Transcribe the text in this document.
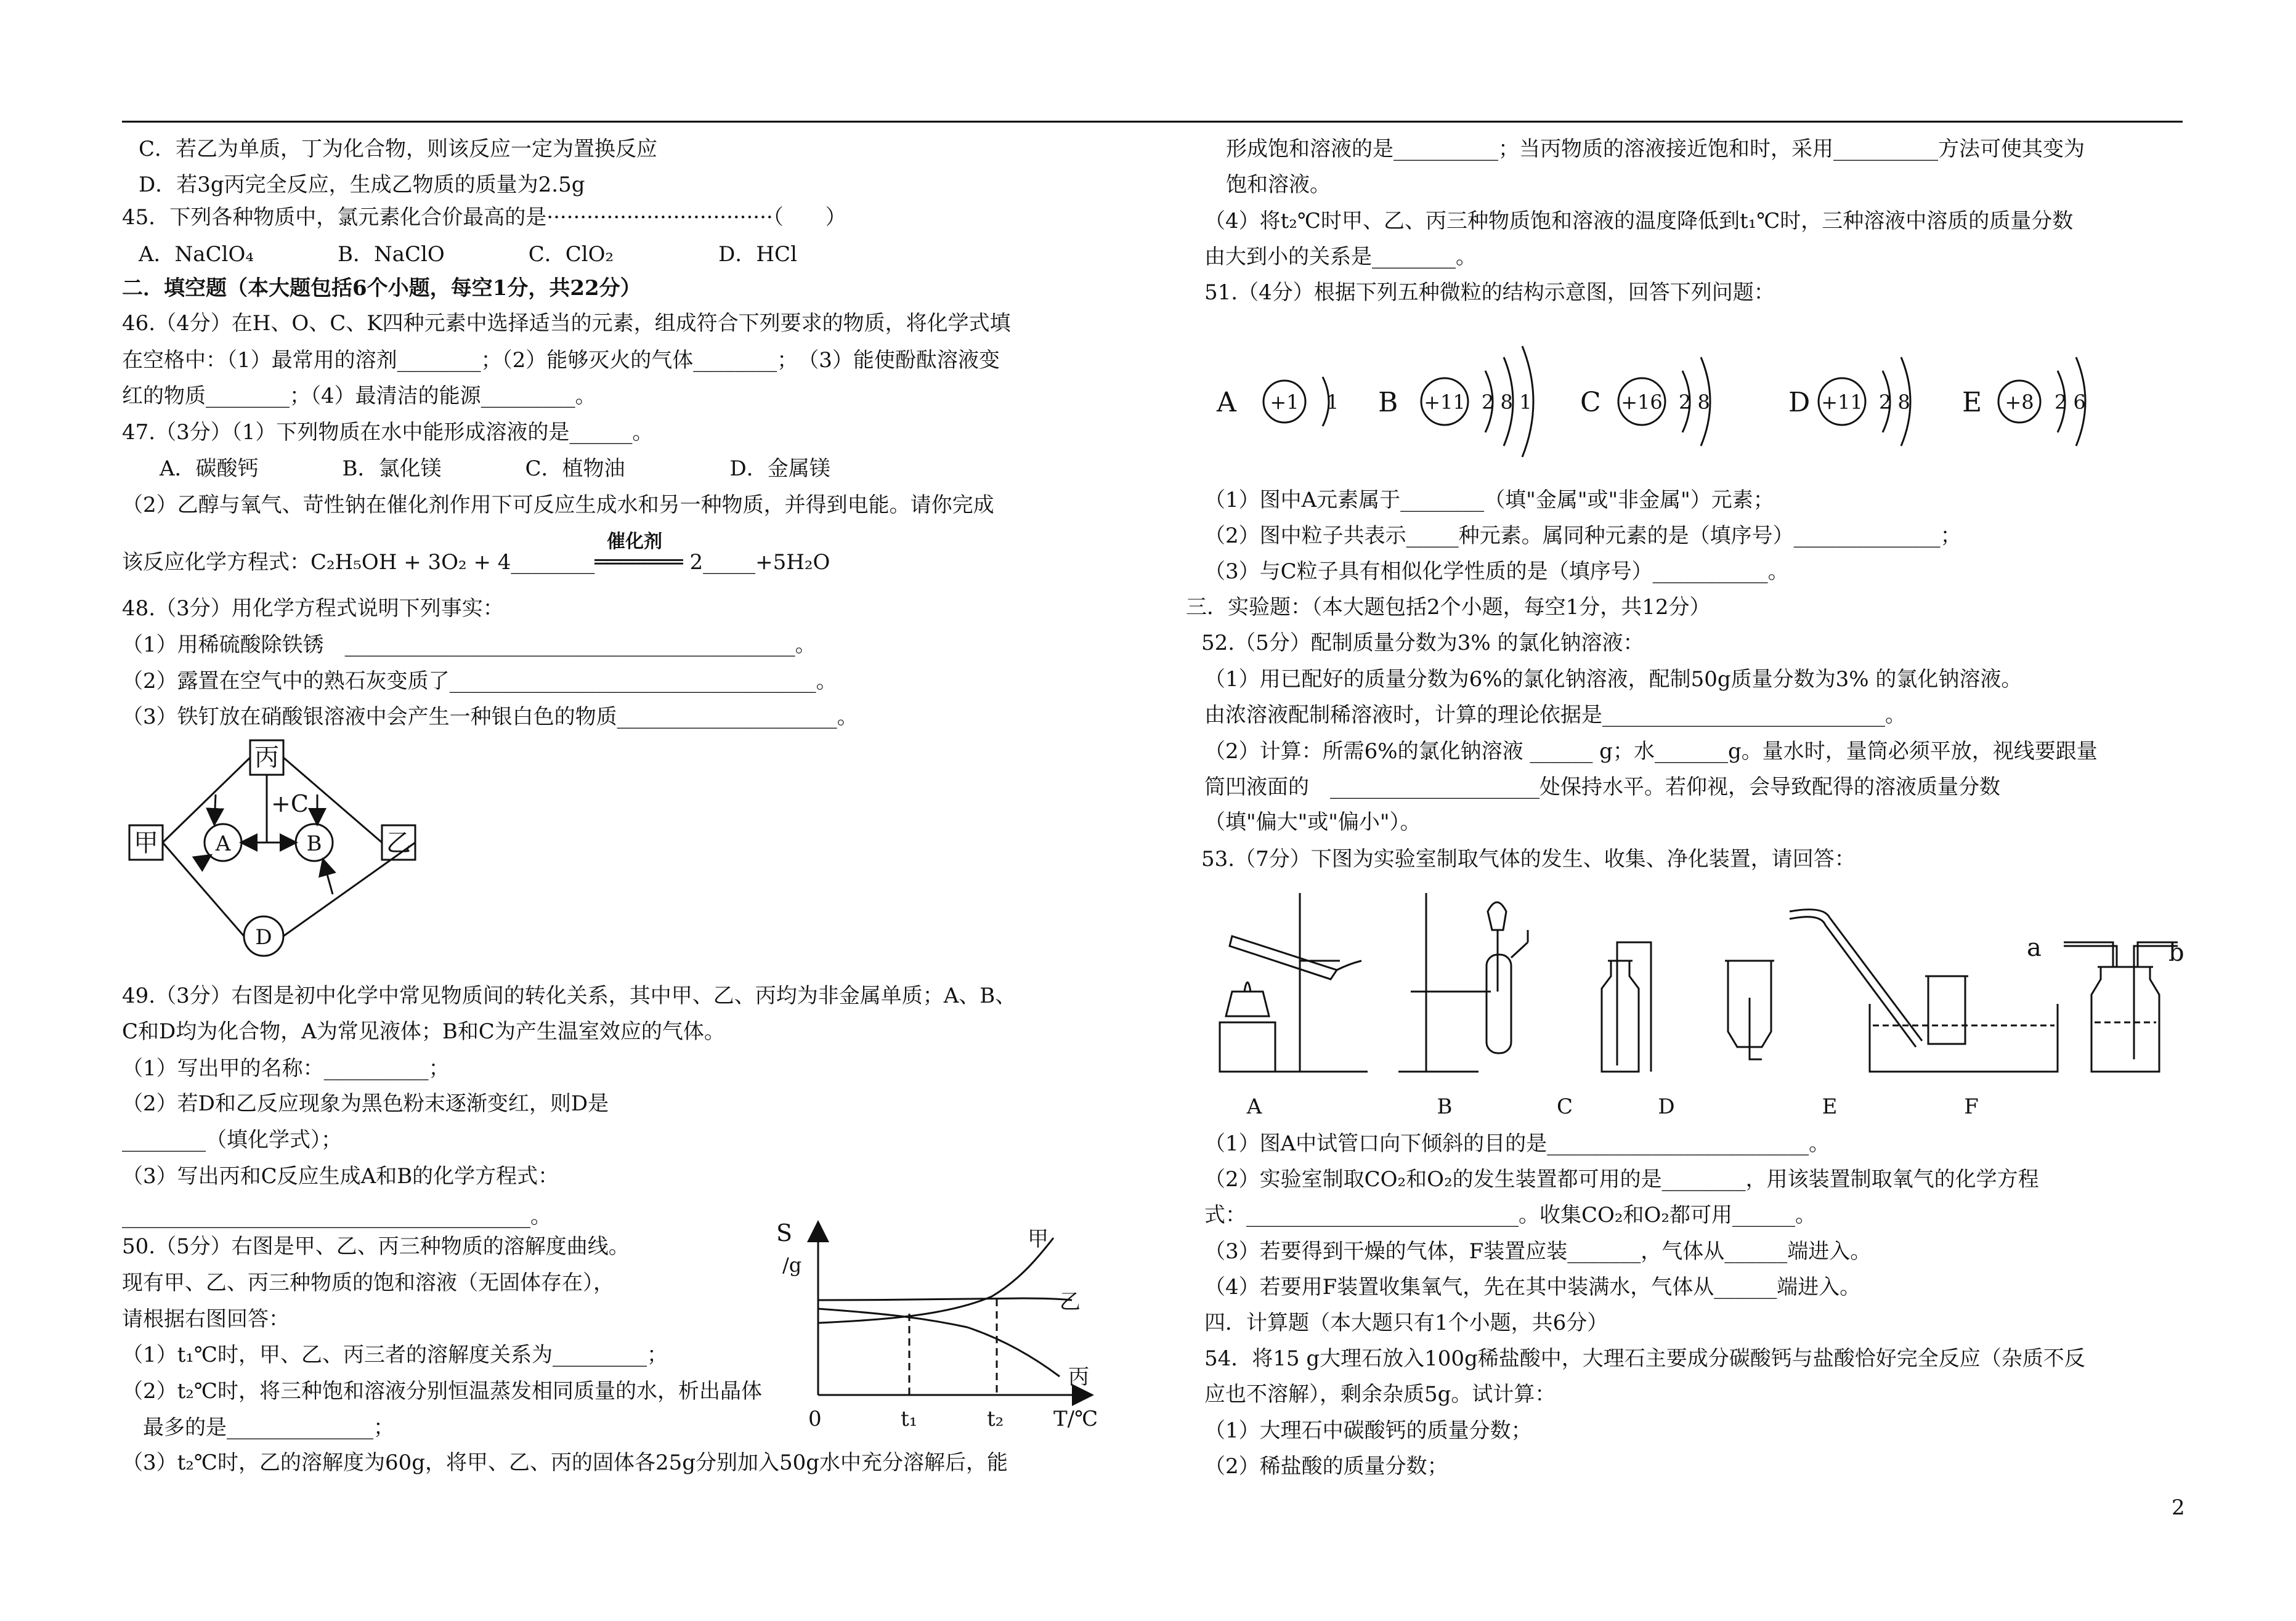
C．若乙为单质，丁为化合物，则该反应一定为置换反应
D．若3g丙完全反应，生成乙物质的质量为2.5g
45．下列各种物质中，氯元素化合价最高的是··································（　　）
A．NaClO₄　　　　B．NaClO　　　　C．ClO₂　　　　　D．HCl
二．填空题（本大题包括6个小题，每空1分，共22分）
46.（4分）在H、O、C、K四种元素中选择适当的元素，组成符合下列要求的物质，将化学式填
在空格中：（1）最常用的溶剂________；（2）能够灭火的气体________；　（3）能使酚酞溶液变
红的物质________；（4）最清洁的能源_________。
47.（3分）（1）下列物质在水中能形成溶液的是______。
　A．碳酸钙　　　　B．氯化镁　　　　C．植物油　　　　　D．金属镁
（2）乙醇与氧气、苛性钠在催化剂作用下可反应生成水和另一种物质，并得到电能。请你完成
催化剂
该反应化学方程式：C₂H₅OH + 3O₂ + 4________═══════ 2_____+5H₂O
48.（3分）用化学方程式说明下列事实：
（1）用稀硫酸除铁锈　___________________________________________。
（2）露置在空气中的熟石灰变质了___________________________________。
（3）铁钉放在硝酸银溶液中会产生一种银白色的物质_____________________。
丙
甲	乙
A	B
D
+C
49.（3分）右图是初中化学中常见物质间的转化关系，其中甲、乙、丙均为非金属单质；A、B、
C和D均为化合物，A为常见液体；B和C为产生温室效应的气体。
（1）写出甲的名称：__________；
（2）若D和乙反应现象为黑色粉末逐渐变红，则D是
________（填化学式）；
（3）写出丙和C反应生成A和B的化学方程式：
_______________________________________。
50.（5分）右图是甲、乙、丙三种物质的溶解度曲线。
现有甲、乙、丙三种物质的饱和溶液（无固体存在），
请根据右图回答：
（1）t₁℃时，甲、乙、丙三者的溶解度关系为_________；
（2）t₂℃时，将三种饱和溶液分别恒温蒸发相同质量的水，析出晶体
　最多的是______________；
（3）t₂℃时，乙的溶解度为60g，将甲、乙、丙的固体各25g分别加入50g水中充分溶解后，能
S
/g
0	t₁	t₂ T/℃
甲
乙
丙
形成饱和溶液的是__________；当丙物质的溶液接近饱和时，采用__________方法可使其变为
饱和溶液。
（4）将t₂℃时甲、乙、丙三种物质饱和溶液的温度降低到t₁℃时，三种溶液中溶质的质量分数
由大到小的关系是________。
51.（4分）根据下列五种微粒的结构示意图，回答下列问题：
A +1 1 B +11 2 8 1 C +16 2 8	D +11 2 8 E +8 2 6
（1）图中A元素属于________（填"金属"或"非金属"）元素；
（2）图中粒子共表示_____种元素。属同种元素的是（填序号）______________；
（3）与C粒子具有相似化学性质的是（填序号）___________。
三．实验题：（本大题包括2个小题，每空1分，共12分）
52.（5分）配制质量分数为3% 的氯化钠溶液：
（1）用已配好的质量分数为6%的氯化钠溶液，配制50g质量分数为3% 的氯化钠溶液。
由浓溶液配制稀溶液时，计算的理论依据是___________________________。
（2）计算：所需6%的氯化钠溶液 ______ g；水_______g。量水时，量筒必须平放，视线要跟量
筒凹液面的　____________________处保持水平。若仰视，会导致配得的溶液质量分数
（填"偏大"或"偏小"）。
53.（7分）下图为实验室制取气体的发生、收集、净化装置，请回答：
A	B	C	D	E	F
a	b
（1）图A中试管口向下倾斜的目的是_________________________。
（2）实验室制取CO₂和O₂的发生装置都可用的是________，用该装置制取氧气的化学方程
式：__________________________。收集CO₂和O₂都可用______。
（3）若要得到干燥的气体，F装置应装_______，气体从______端进入。
（4）若要用F装置收集氧气，先在其中装满水，气体从______端进入。
四．计算题（本大题只有1个小题，共6分）
54．将15 g大理石放入100g稀盐酸中，大理石主要成分碳酸钙与盐酸恰好完全反应（杂质不反
应也不溶解），剩余杂质5g。试计算：
（1）大理石中碳酸钙的质量分数；
（2）稀盐酸的质量分数；
2
